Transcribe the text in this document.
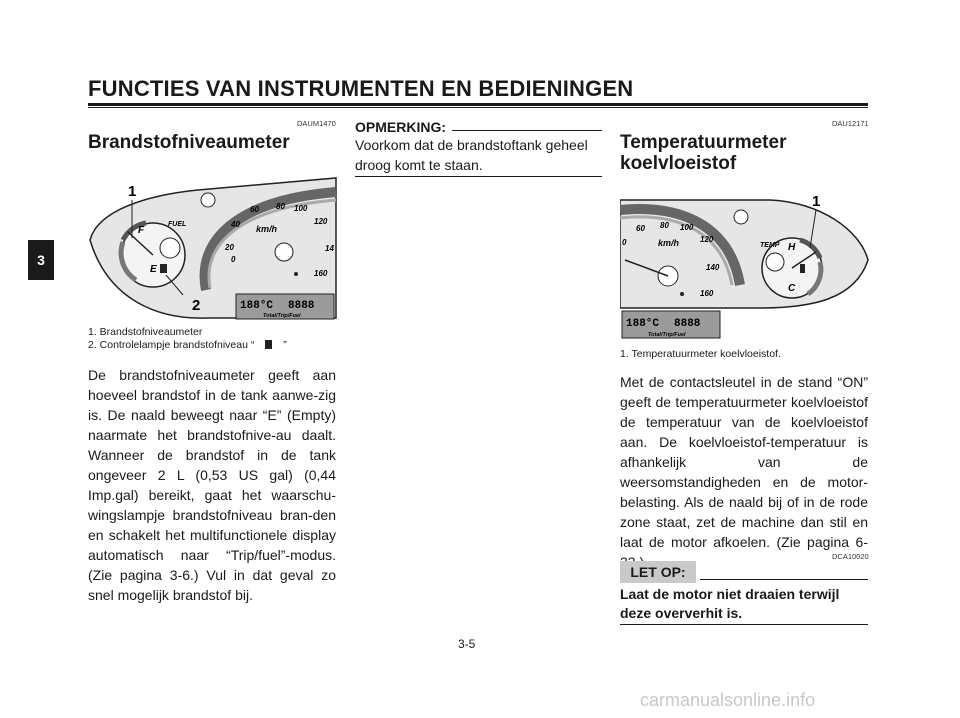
FUNCTIES VAN INSTRUMENTEN EN BEDIENINGEN
3
DAUM1470
Brandstofniveaumeter
F
FUEL
E
km/h
0
20
40
60 80 100
120
14
160
188°C 8888
Total/Trip/Fuel
1
2
1. Brandstofniveaumeter
2. Controlelampje brandstofniveau “	”
De brandstofniveaumeter geeft aan hoeveel brandstof in de tank aanwe-zig is. De naald beweegt naar “E” (Empty) naarmate het brandstofnive-au daalt. Wanneer de brandstof in de tank ongeveer 2 L (0,53 US gal) (0,44 Imp.gal) bereikt, gaat het waarschu-wingslampje brandstofniveau bran-den en schakelt het multifunctionele display automatisch naar “Trip/fuel”-modus. (Zie pagina 3-6.) Vul in dat geval zo snel mogelijk brandstof bij.
OPMERKING:
Voorkom dat de brandstoftank geheel droog komt te staan.
DAU12171
Temperatuurmeter
koelvloeistof
km/h
0
60 80 100
120
140
160
TEMP H
C
1
188°C 8888
Total/Trip/Fuel
1. Temperatuurmeter koelvloeistof.
Met de contactsleutel in de stand “ON” geeft de temperatuurmeter koelvloeistof de temperatuur van de koelvloeistof aan. De koelvloeistof-temperatuur is afhankelijk van de weersomstandigheden en de motor-belasting. Als de naald bij of in de rode zone staat, zet de machine dan stil en laat de motor afkoelen. (Zie pagina 6-
DCA10020
LET OP:
Laat de motor niet draaien terwijl deze oververhit is.
3-5
carmanualsonline.info
